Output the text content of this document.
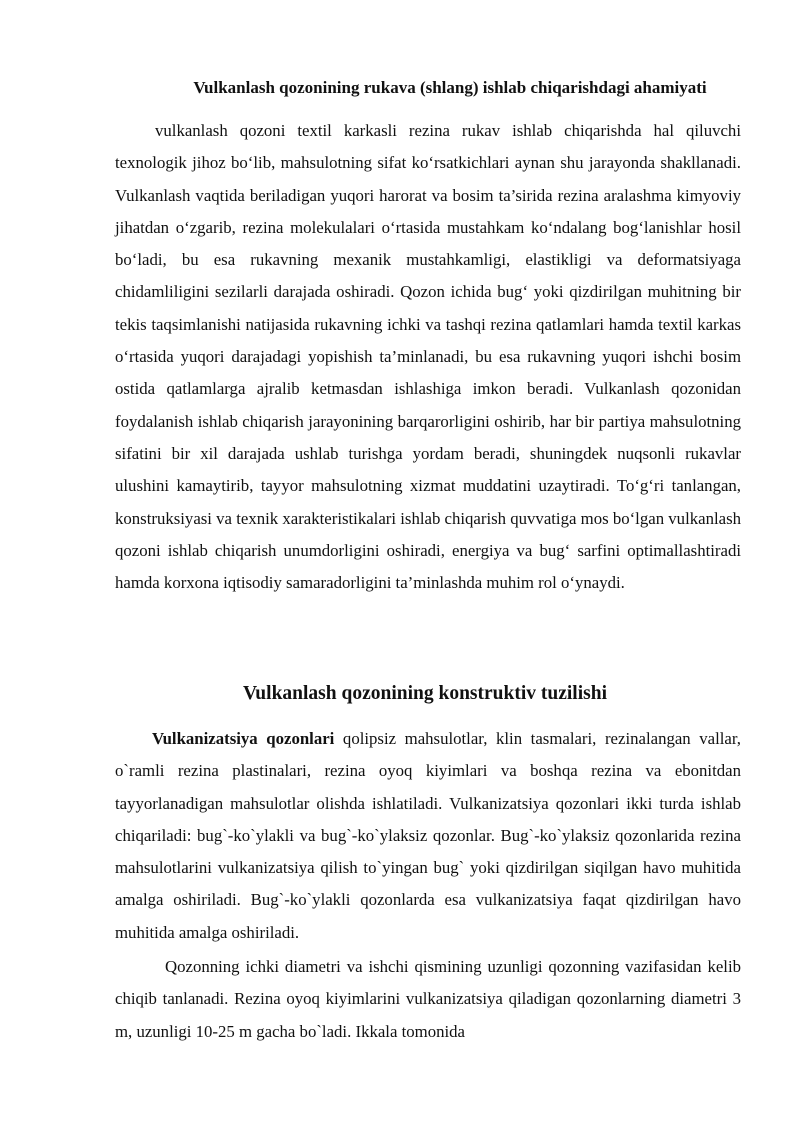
Vulkanlash qozonining rukava (shlang) ishlab chiqarishdagi ahamiyati

vulkanlash qozoni textil karkasli rezina rukav ishlab chiqarishda hal qiluvchi texnologik jihoz bo‘lib, mahsulotning sifat ko‘rsatkichlari aynan shu jarayonda shakllanadi. Vulkanlash vaqtida beriladigan yuqori harorat va bosim ta’sirida rezina aralashma kimyoviy jihatdan o‘zgarib, rezina molekulalari o‘rtasida mustahkam ko‘ndalang bog‘lanishlar hosil bo‘ladi, bu esa rukavning mexanik mustahkamligi, elastikligi va deformatsiyaga chidamliligini sezilarli darajada oshiradi. Qozon ichida bug‘ yoki qizdirilgan muhitning bir tekis taqsimlanishi natijasida rukavning ichki va tashqi rezina qatlamlari hamda textil karkas o‘rtasida yuqori darajadagi yopishish ta’minlanadi, bu esa rukavning yuqori ishchi bosim ostida qatlamlarga ajralib ketmasdan ishlashiga imkon beradi. Vulkanlash qozonidan foydalanish ishlab chiqarish jarayonining barqarorligini oshirib, har bir partiya mahsulotning sifatini bir xil darajada ushlab turishga yordam beradi, shuningdek nuqsonli rukavlar ulushini kamaytirib, tayyor mahsulotning xizmat muddatini uzaytiradi. To‘g‘ri tanlangan, konstruksiyasi va texnik xarakteristikalari ishlab chiqarish quvvatiga mos bo‘lgan vulkanlash qozoni ishlab chiqarish unumdorligini oshiradi, energiya va bug‘ sarfini optimallashtiradi hamda korxona iqtisodiy samaradorligini ta’minlashda muhim rol o‘ynaydi.

Vulkanlash qozonining konstruktiv tuzilishi

Vulkanizatsiya qozonlari qolipsiz mahsulotlar, klin tasmalari, rezinalangan vallar, o`ramli rezina plastinalari, rezina oyoq kiyimlari va boshqa rezina va ebonitdan tayyorlanadigan mahsulotlar olishda ishlatiladi. Vulkanizatsiya qozonlari ikki turda ishlab chiqariladi: bug`-ko`ylakli va bug`-ko`ylaksiz qozonlar. Bug`-ko`ylaksiz qozonlarida rezina mahsulotlarini vulkanizatsiya qilish to`yingan bug` yoki qizdirilgan siqilgan havo muhitida amalga oshiriladi. Bug`-ko`ylakli qozonlarda esa vulkanizatsiya faqat qizdirilgan havo muhitida amalga oshiriladi.

Qozonning ichki diametri va ishchi qismining uzunligi qozonning vazifasidan kelib chiqib tanlanadi. Rezina oyoq kiyimlarini vulkanizatsiya qiladigan qozonlarning diametri 3 m, uzunligi 10-25 m gacha bo`ladi. Ikkala tomonida
